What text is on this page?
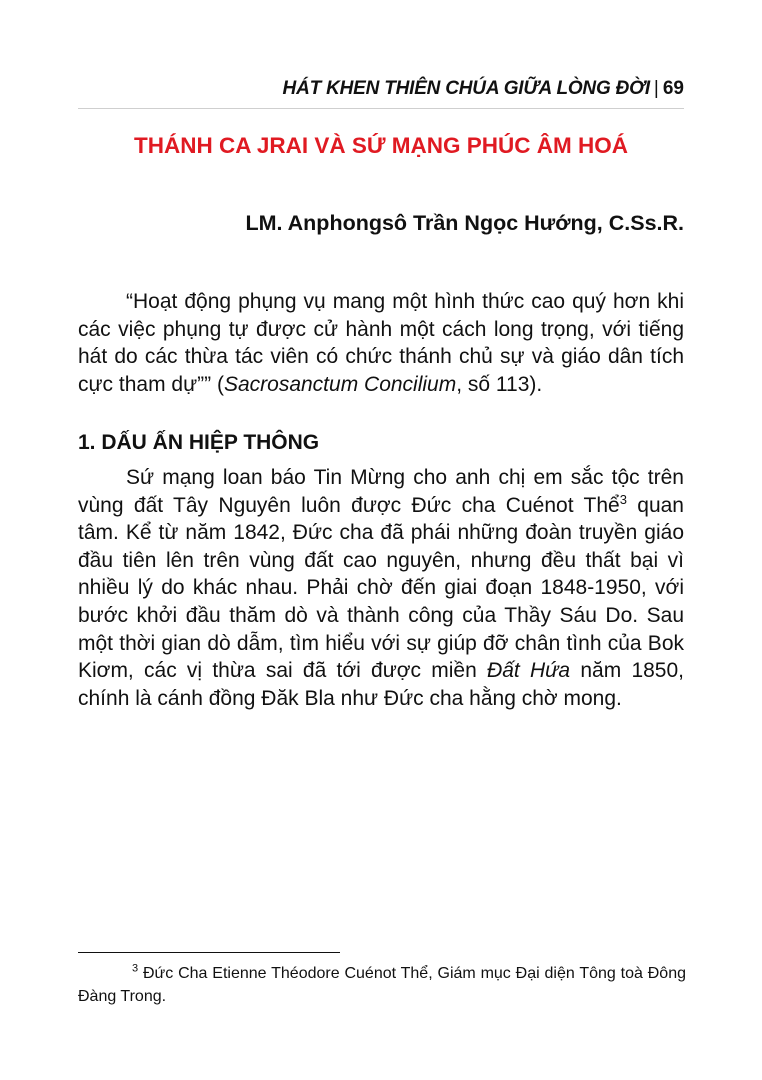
HÁT KHEN THIÊN CHÚA GIỮA LÒNG ĐỜI | 69
THÁNH CA JRAI VÀ SỨ MẠNG PHÚC ÂM HOÁ
LM. Anphongsô Trần Ngọc Hướng, C.Ss.R.

“Hoạt động phụng vụ mang một hình thức cao quý hơn khi các việc phụng tự được cử hành một cách long trọng, với tiếng hát do các thừa tác viên có chức thánh chủ sự và giáo dân tích cực tham dự”” (Sacrosanctum Concilium, số 113).

1. DẤU ẤN HIỆP THÔNG

Sứ mạng loan báo Tin Mừng cho anh chị em sắc tộc trên vùng đất Tây Nguyên luôn được Đức cha Cuénot Thể$^3$ quan tâm. Kể từ năm 1842, Đức cha đã phái những đoàn truyền giáo đầu tiên lên trên vùng đất cao nguyên, nhưng đều thất bại vì nhiều lý do khác nhau. Phải chờ đến giai đoạn 1848-1950, với bước khởi đầu thăm dò và thành công của Thầy Sáu Do. Sau một thời gian dò dẫm, tìm hiểu với sự giúp đỡ chân tình của Bok Kiơm, các vị thừa sai đã tới được miền Đất Hứa năm 1850, chính là cánh đồng Đăk Bla như Đức cha hằng chờ mong.

$^3$ Đức Cha Etienne Théodore Cuénot Thể, Giám mục Đại diện Tông toà Đông Đàng Trong.
